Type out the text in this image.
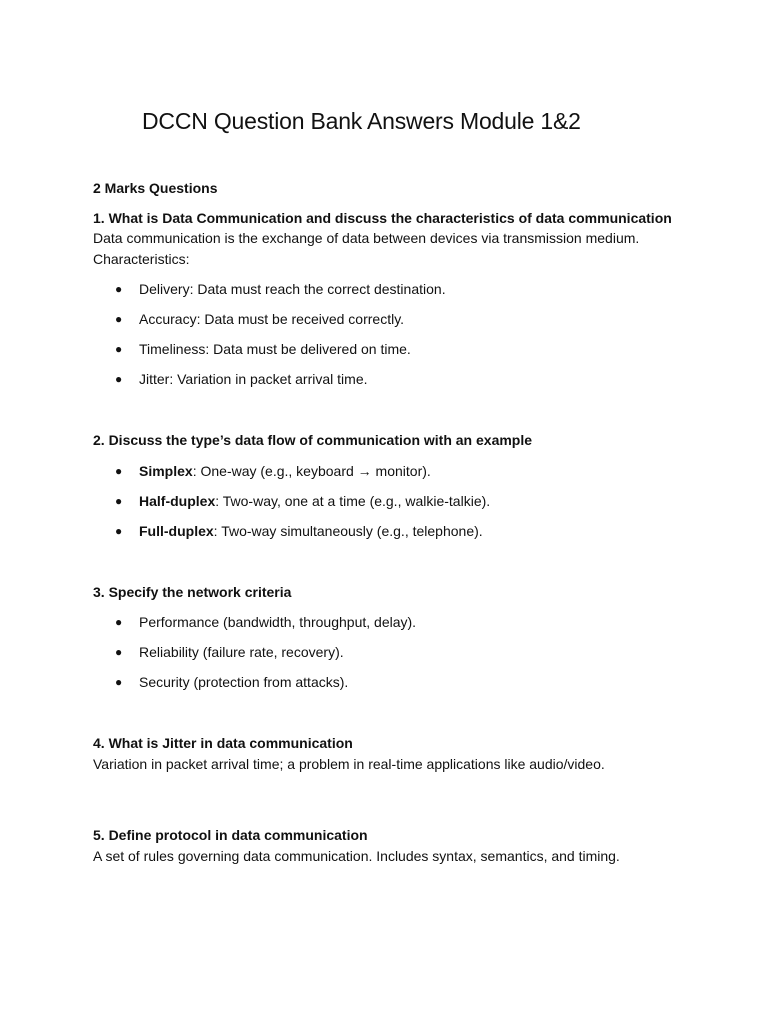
DCCN Question Bank Answers Module 1&2

2 Marks Questions

1. What is Data Communication and discuss the characteristics of data communication

Data communication is the exchange of data between devices via transmission medium.

Characteristics:

● Delivery: Data must reach the correct destination.
● Accuracy: Data must be received correctly.
● Timeliness: Data must be delivered on time.
● Jitter: Variation in packet arrival time.

2. Discuss the type’s data flow of communication with an example

● Simplex: One-way (e.g., keyboard → monitor).
● Half-duplex: Two-way, one at a time (e.g., walkie-talkie).
● Full-duplex: Two-way simultaneously (e.g., telephone).

3. Specify the network criteria

● Performance (bandwidth, throughput, delay).
● Reliability (failure rate, recovery).
● Security (protection from attacks).

4. What is Jitter in data communication

Variation in packet arrival time; a problem in real-time applications like audio/video.

5. Define protocol in data communication

A set of rules governing data communication. Includes syntax, semantics, and timing.
